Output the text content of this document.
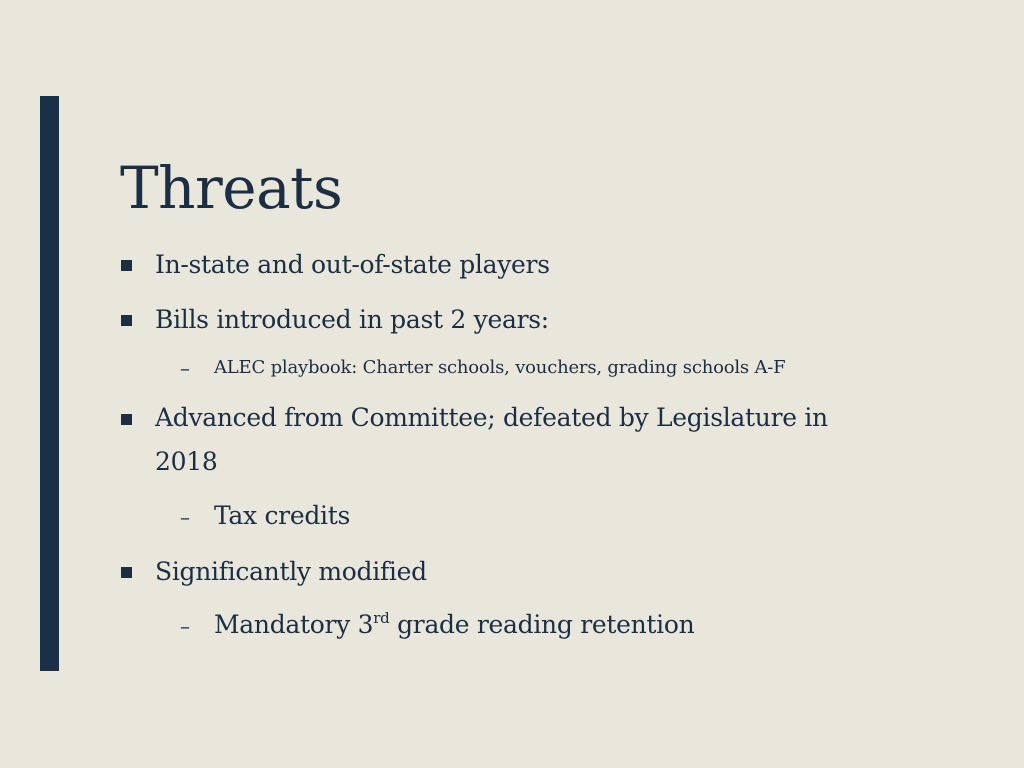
Threats
In-state and out-of-state players
Bills introduced in past 2 years:
– ALEC playbook: Charter schools, vouchers, grading schools A-F
Advanced from Committee; defeated by Legislature in
2018
– Tax credits
Significantly modified
– Mandatory 3rd grade reading retention
